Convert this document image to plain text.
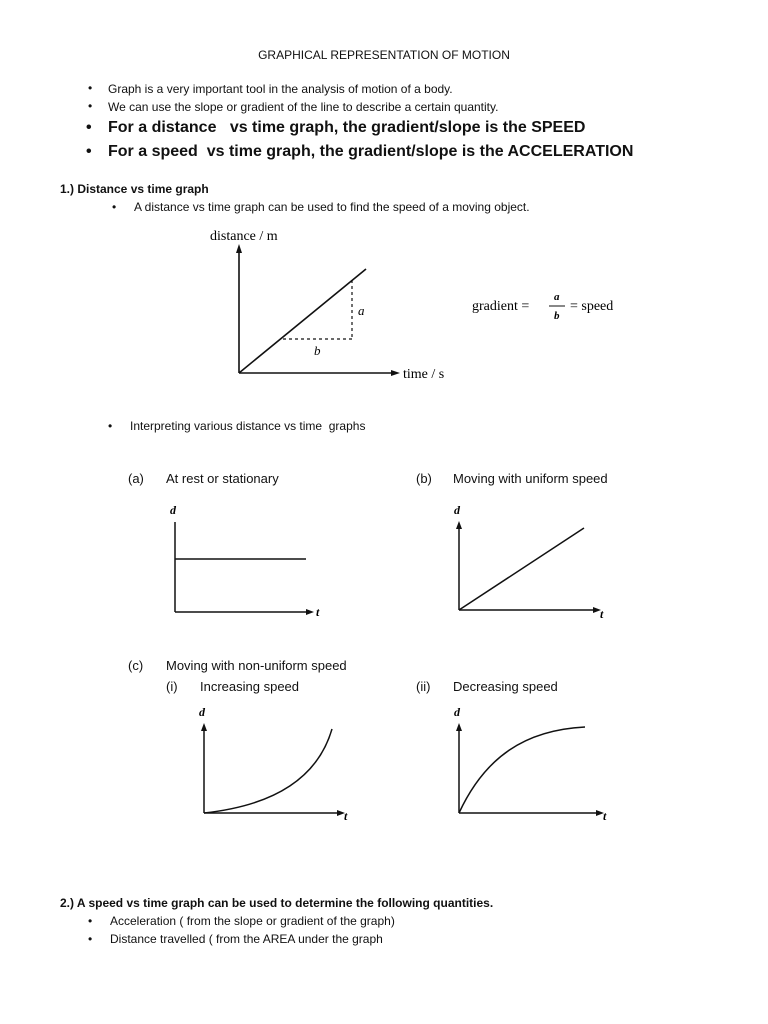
GRAPHICAL REPRESENTATION OF MOTION
• Graph is a very important tool in the analysis of motion of a body.
• We can use the slope or gradient of the line to describe a certain quantity.
• For a distance   vs time graph, the gradient/slope is the SPEED
• For a speed  vs time graph, the gradient/slope is the ACCELERATION
1.) Distance vs time graph
• A distance vs time graph can be used to find the speed of a moving object.
distance / m
time / s
a
b
gradient =
a
b
= speed
• Interpreting various distance vs time  graphs
(a) At rest or stationary
d
t
(b) Moving with uniform speed
d
t
(c) Moving with non-uniform speed
(i) Increasing speed
d
t
(ii) Decreasing speed
d
t
2.) A speed vs time graph can be used to determine the following quantities.
• Acceleration ( from the slope or gradient of the graph)
• Distance travelled ( from the AREA under the graph
